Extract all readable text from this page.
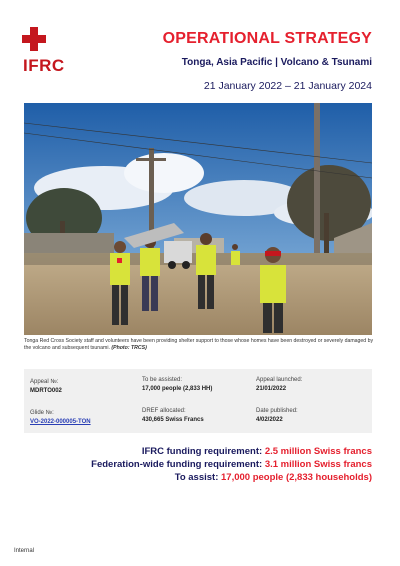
IFRC
OPERATIONAL STRATEGY
Tonga, Asia Pacific | Volcano & Tsunami
21 January 2022 – 21 January 2024
Tonga Red Cross Society staff and volunteers have been providing shelter support to those whose homes have been destroyed or severely damaged by the volcano and subsequent tsunami. (Photo: TRCS)
Appeal №:
MDRTO002
To be assisted:
17,000 people (2,833 HH)
Appeal launched:
21/01/2022
Glide №:
VO-2022-000005-TON
DREF allocated:
430,665 Swiss Francs
Date published:
4/02/2022
IFRC funding requirement: 2.5 million Swiss francs
Federation-wide funding requirement: 3.1 million Swiss francs
To assist: 17,000 people (2,833 households)
Internal
